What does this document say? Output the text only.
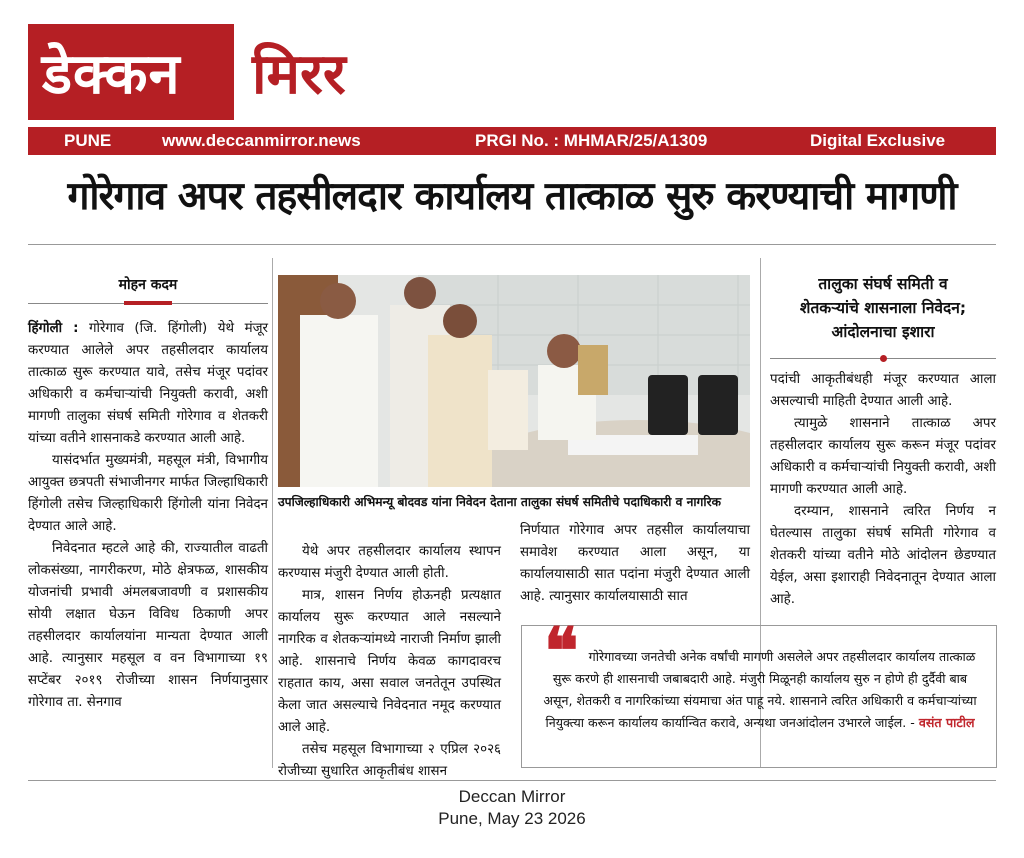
डेक्कन मिरर
PUNE	www.deccanmirror.news	PRGI No. : MHMAR/25/A1309	Digital Exclusive
गोरेगाव अपर तहसीलदार कार्यालय तात्काळ सुरु करण्याची मागणी
मोहन कदम

हिंगोली : गोरेगाव (जि. हिंगोली) येथे मंजूर करण्यात आलेले अपर तहसीलदार कार्यालय तात्काळ सुरू करण्यात यावे, तसेच मंजूर पदांवर अधिकारी व कर्मचाऱ्यांची नियुक्ती करावी, अशी मागणी तालुका संघर्ष समिती गोरेगाव व शेतकरी यांच्या वतीने शासनाकडे करण्यात आली आहे.

यासंदर्भात मुख्यमंत्री, महसूल मंत्री, विभागीय आयुक्त छत्रपती संभाजीनगर मार्फत जिल्हाधिकारी हिंगोली तसेच जिल्हाधिकारी हिंगोली यांना निवेदन देण्यात आले आहे.

निवेदनात म्हटले आहे की, राज्यातील वाढती लोकसंख्या, नागरीकरण, मोठे क्षेत्रफळ, शासकीय योजनांची प्रभावी अंमलबजावणी व प्रशासकीय सोयी लक्षात घेऊन विविध ठिकाणी अपर तहसीलदार कार्यालयांना मान्यता देण्यात आली आहे. त्यानुसार महसूल व वन विभागाच्या १९ सप्टेंबर २०१९ रोजीच्या शासन निर्णयानुसार गोरेगाव ता. सेनगाव

उपजिल्हाधिकारी अभिमन्यू बोदवड यांना निवेदन देताना तालुका संघर्ष समितीचे पदाधिकारी व नागरिक

येथे अपर तहसीलदार कार्यालय स्थापन करण्यास मंजुरी देण्यात आली होती.

मात्र, शासन निर्णय होऊनही प्रत्यक्षात कार्यालय सुरू करण्यात आले नसल्याने नागरिक व शेतकऱ्यांमध्ये नाराजी निर्माण झाली आहे. शासनाचे निर्णय केवळ कागदावरच राहतात काय, असा सवाल जनतेतून उपस्थित केला जात असल्याचे निवेदनात नमूद करण्यात आले आहे.

तसेच महसूल विभागाच्या २ एप्रिल २०२६ रोजीच्या सुधारित आकृतीबंध शासन

निर्णयात गोरेगाव अपर तहसील कार्यालयाचा समावेश करण्यात आला असून, या कार्यालयासाठी सात पदांना मंजुरी देण्यात आली आहे. त्यानुसार कार्यालयासाठी सात

तालुका संघर्ष समिती व
शेतकऱ्यांचे शासनाला निवेदन;
आंदोलनाचा इशारा

पदांची आकृतीबंधही मंजूर करण्यात आला असल्याची माहिती देण्यात आली आहे.

त्यामुळे शासनाने तात्काळ अपर तहसीलदार कार्यालय सुरू करून मंजूर पदांवर अधिकारी व कर्मचाऱ्यांची नियुक्ती करावी, अशी मागणी करण्यात आली आहे.

दरम्यान, शासनाने त्वरित निर्णय न घेतल्यास तालुका संघर्ष समिती गोरेगाव व शेतकरी यांच्या वतीने मोठे आंदोलन छेडण्यात येईल, असा इशाराही निवेदनातून देण्यात आला आहे.

❝ गोरेगावच्या जनतेची अनेक वर्षांची मागणी असलेले अपर तहसीलदार कार्यालय तात्काळ सुरू करणे ही शासनाची जबाबदारी आहे. मंजुरी मिळूनही कार्यालय सुरु न होणे ही दुर्दैवी बाब असून, शेतकरी व नागरिकांच्या संयमाचा अंत पाहू नये. शासनाने त्वरित अधिकारी व कर्मचाऱ्यांच्या नियुक्त्या करून कार्यालय कार्यान्वित करावे, अन्यथा जनआंदोलन उभारले जाईल. - वसंत पाटील
Deccan Mirror
Pune, May 23 2026
